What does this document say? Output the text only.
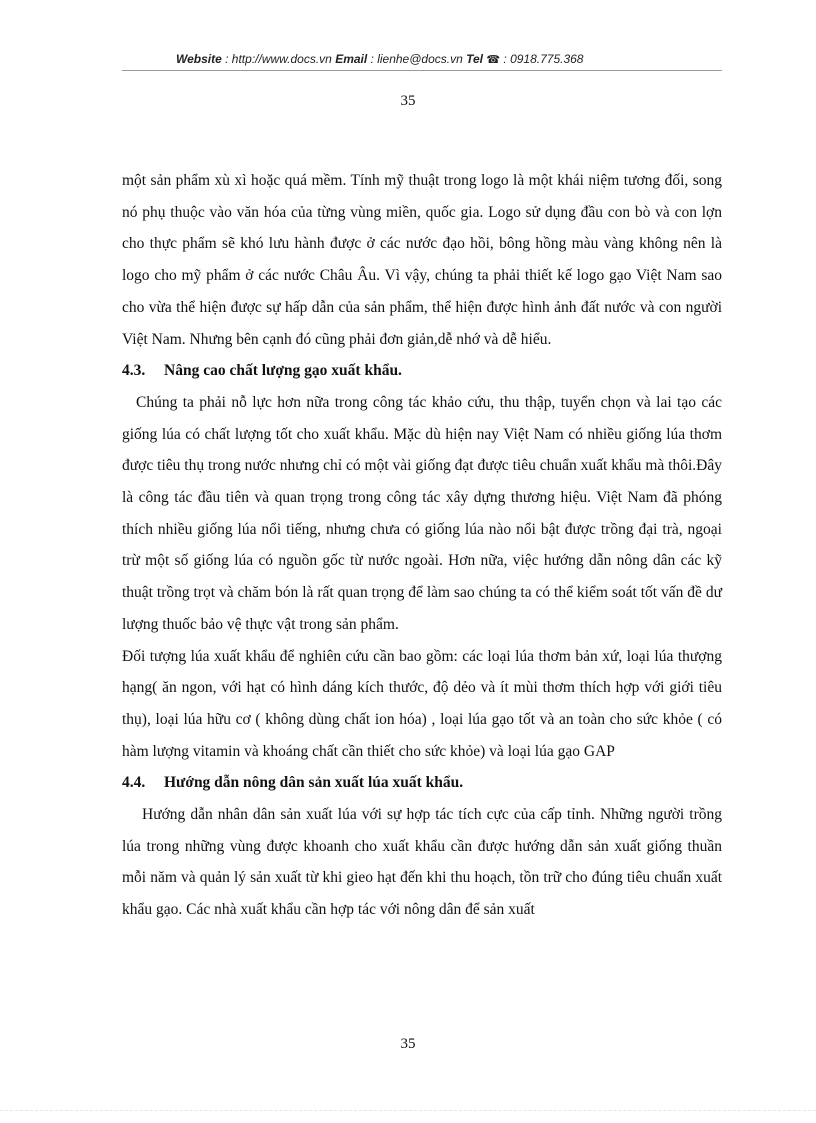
Website : http://www.docs.vn Email : lienhe@docs.vn Tel ☎ : 0918.775.368
35

một sản phẩm xù xì hoặc quá mềm. Tính mỹ thuật trong logo là một khái niệm tương đối, song nó phụ thuộc vào văn hóa của từng vùng miền, quốc gia. Logo sử dụng đầu con bò và con lợn cho thực phẩm sẽ khó lưu hành được ở các nước đạo hồi, bông hồng màu vàng không nên là logo cho mỹ phẩm ở các nước Châu Âu. Vì vậy, chúng ta phải thiết kế logo gạo Việt Nam sao cho vừa thể hiện được sự hấp dẫn của sản phẩm, thể hiện được hình ảnh đất nước và con người Việt Nam. Nhưng bên cạnh đó cũng phải đơn giản,dễ nhớ và dễ hiểu.

4.3. Nâng cao chất lượng gạo xuất khẩu.

Chúng ta phải nỗ lực hơn nữa trong công tác khảo cứu, thu thập, tuyển chọn và lai tạo các giống lúa có chất lượng tốt cho xuất khẩu. Mặc dù hiện nay Việt Nam có nhiều giống lúa thơm được tiêu thụ trong nước nhưng chỉ có một vài giống đạt được tiêu chuẩn xuất khẩu mà thôi.Đây là công tác đầu tiên và quan trọng trong công tác xây dựng thương hiệu. Việt Nam đã phóng thích nhiều giống lúa nổi tiếng, nhưng chưa có giống lúa nào nổi bật được trồng đại trà, ngoại trừ một số giống lúa có nguồn gốc từ nước ngoài. Hơn nữa, việc hướng dẫn nông dân các kỹ thuật trồng trọt và chăm bón là rất quan trọng để làm sao chúng ta có thể kiểm soát tốt vấn đề dư lượng thuốc bảo vệ thực vật trong sản phẩm.

Đối tượng lúa xuất khẩu để nghiên cứu cần bao gồm: các loại lúa thơm bản xứ, loại lúa thượng hạng( ăn ngon, với hạt có hình dáng kích thước, độ dẻo và ít mùi thơm thích hợp với giới tiêu thụ), loại lúa hữu cơ ( không dùng chất ion hóa) , loại lúa gạo tốt và an toàn cho sức khỏe ( có hàm lượng vitamin và khoáng chất cần thiết cho sức khỏe) và loại lúa gạo GAP

4.4. Hướng dẫn nông dân sản xuất lúa xuất khẩu.

Hướng dẫn nhân dân sản xuất lúa với sự hợp tác tích cực của cấp tỉnh. Những người trồng lúa trong những vùng được khoanh cho xuất khẩu cần được hướng dẫn sản xuất giống thuần mỗi năm và quản lý sản xuất từ khi gieo hạt đến khi thu hoạch, tồn trữ cho đúng tiêu chuẩn xuất khẩu gạo. Các nhà xuất khẩu cần hợp tác với nông dân để sản xuất

35
